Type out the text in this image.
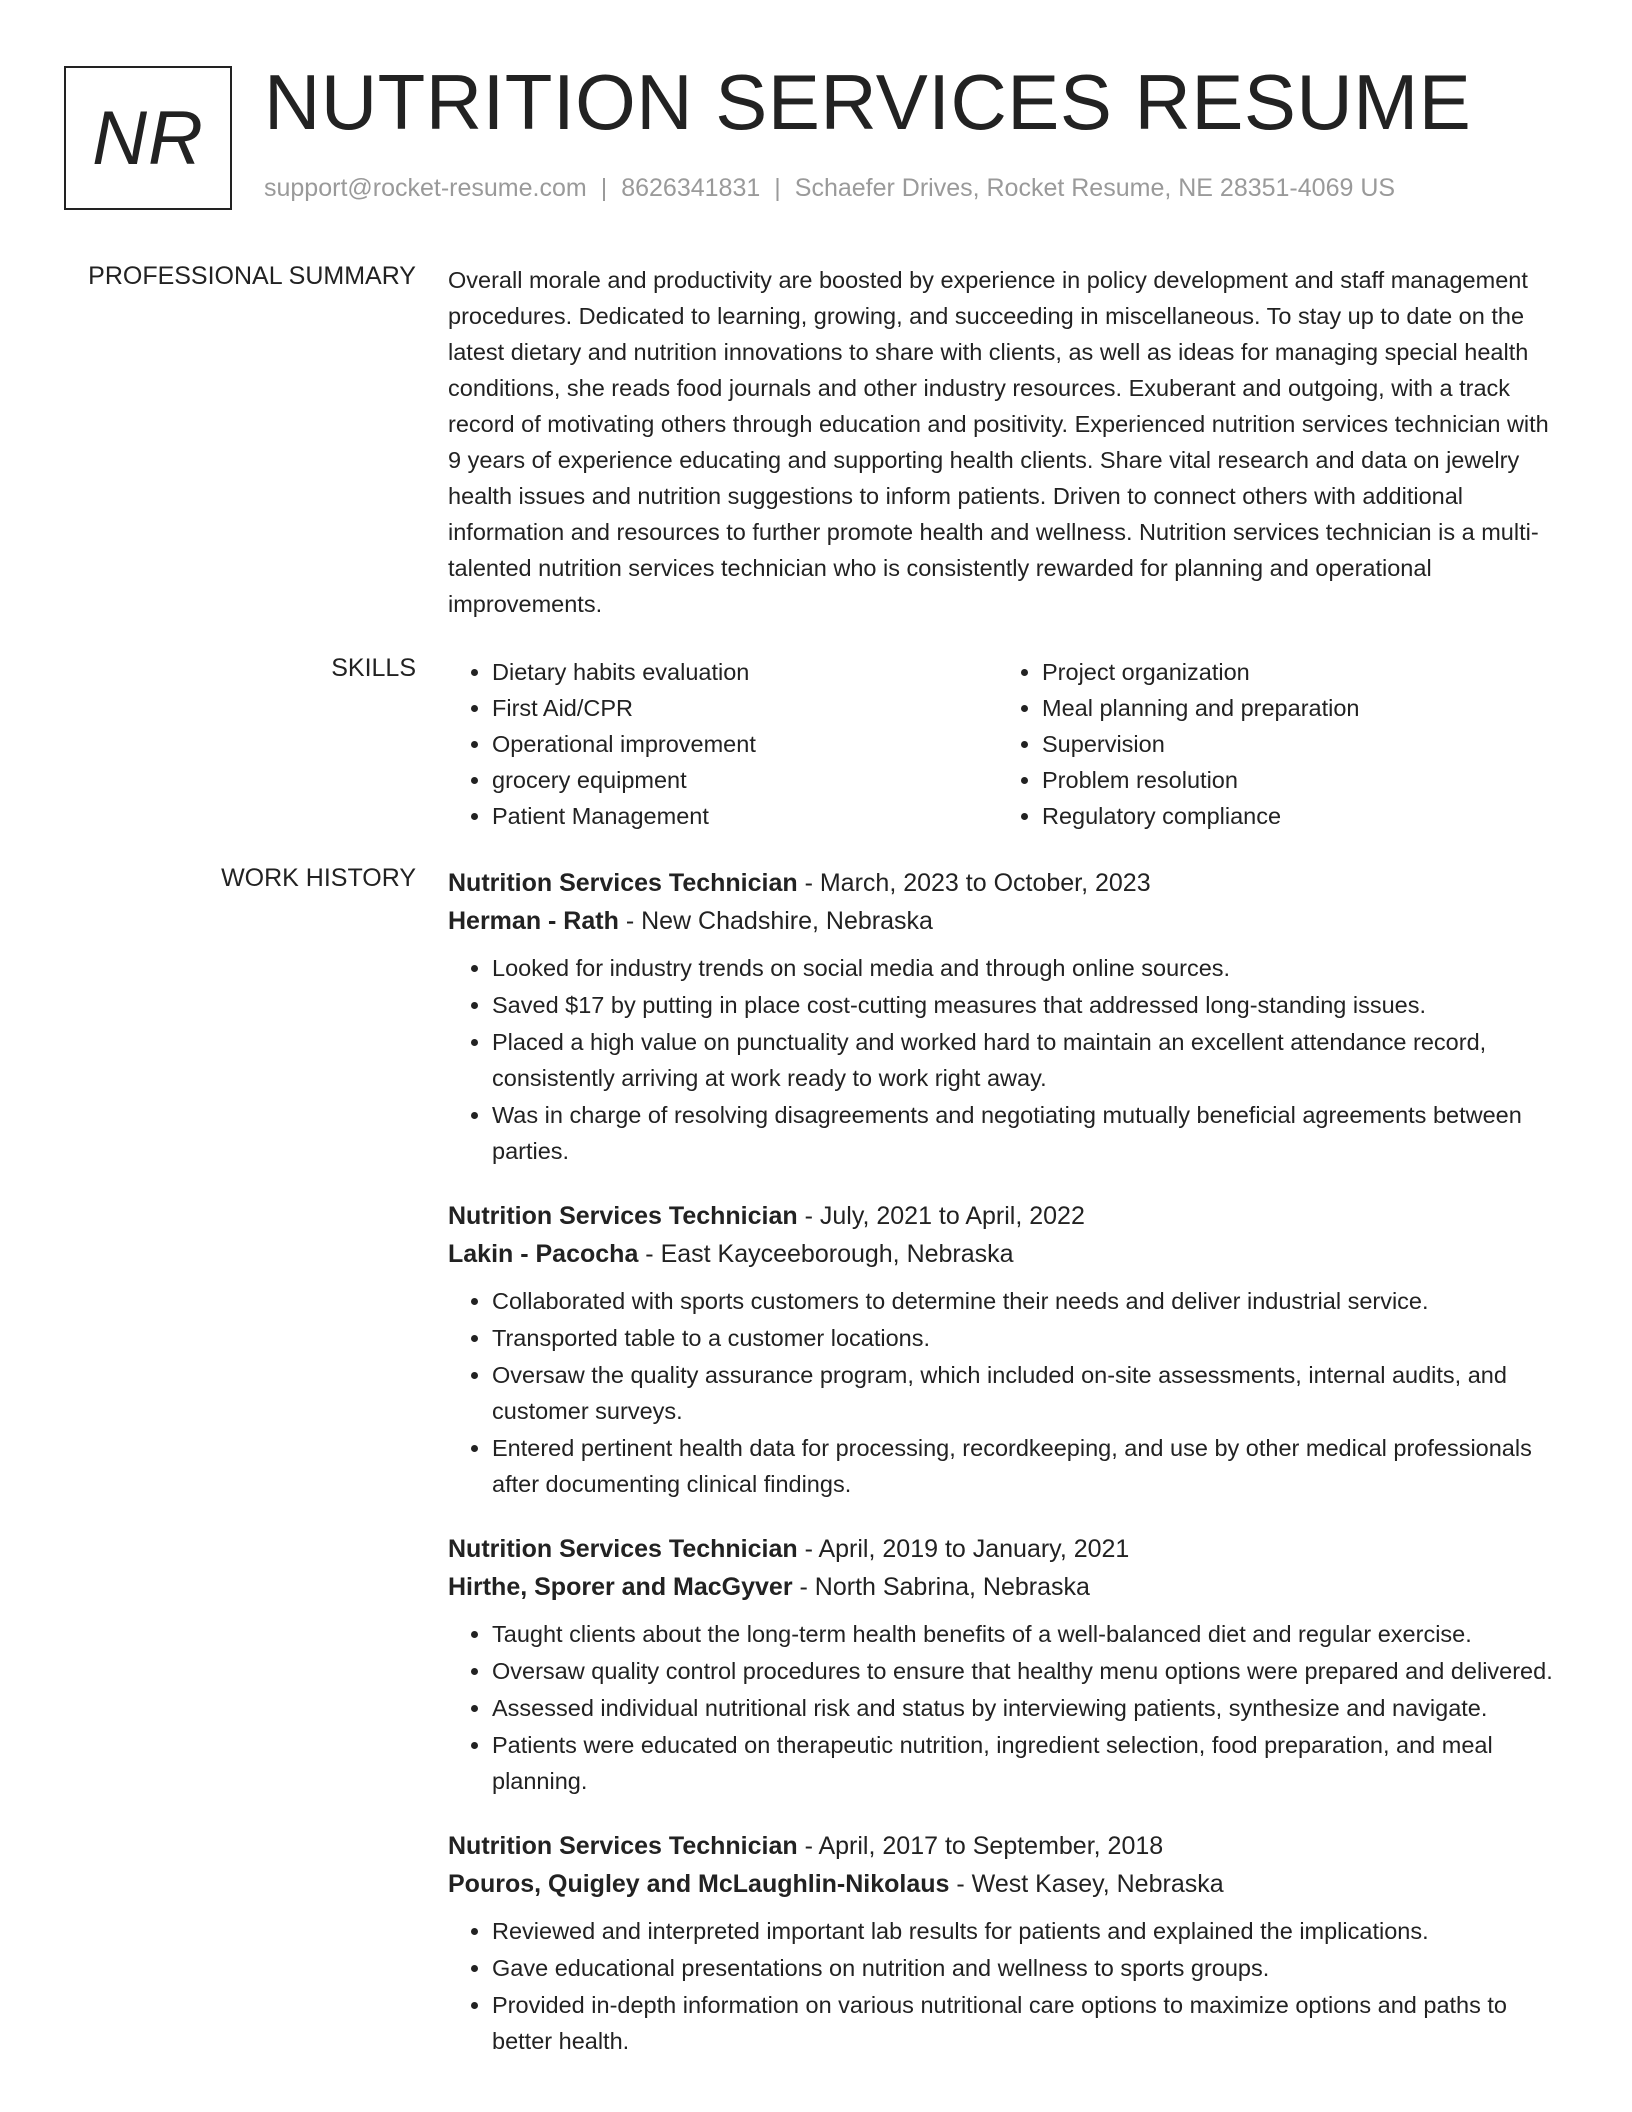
NR NUTRITION SERVICES RESUME
support@rocket-resume.com | 8626341831 | Schaefer Drives, Rocket Resume, NE 28351-4069 US
PROFESSIONAL SUMMARY Overall morale and productivity are boosted by experience in policy development and staff management procedures. Dedicated to learning, growing, and succeeding in miscellaneous. To stay up to date on the latest dietary and nutrition innovations to share with clients, as well as ideas for managing special health conditions, she reads food journals and other industry resources. Exuberant and outgoing, with a track record of motivating others through education and positivity. Experienced nutrition services technician with 9 years of experience educating and supporting health clients. Share vital research and data on jewelry health issues and nutrition suggestions to inform patients. Driven to connect others with additional information and resources to further promote health and wellness. Nutrition services technician is a multi-talented nutrition services technician who is consistently rewarded for planning and operational improvements.

SKILLS
•	Dietary habits evaluation
• First Aid/CPR
• Operational improvement
• grocery equipment
• Patient Management
• Project organization
• Meal planning and preparation
• Supervision
• Problem resolution
• Regulatory compliance
WORK HISTORY Nutrition Services Technician - March, 2023 to October, 2023
Herman - Rath - New Chadshire, Nebraska
• Looked for industry trends on social media and through online sources.
• Saved $17 by putting in place cost-cutting measures that addressed long-standing issues.
• Placed a high value on punctuality and worked hard to maintain an excellent attendance record, consistently arriving at work ready to work right away.
• Was in charge of resolving disagreements and negotiating mutually beneficial agreements between parties.
Nutrition Services Technician - July, 2021 to April, 2022
Lakin - Pacocha - East Kayceeborough, Nebraska
• Collaborated with sports customers to determine their needs and deliver industrial service.
• Transported table to a customer locations.
• Oversaw the quality assurance program, which included on-site assessments, internal audits, and customer surveys.
• Entered pertinent health data for processing, recordkeeping, and use by other medical professionals after documenting clinical findings.
Nutrition Services Technician - April, 2019 to January, 2021
Hirthe, Sporer and MacGyver - North Sabrina, Nebraska
• Taught clients about the long-term health benefits of a well-balanced diet and regular exercise.
• Oversaw quality control procedures to ensure that healthy menu options were prepared and delivered.
• Assessed individual nutritional risk and status by interviewing patients, synthesize and navigate.
• Patients were educated on therapeutic nutrition, ingredient selection, food preparation, and meal planning.
Nutrition Services Technician - April, 2017 to September, 2018
Pouros, Quigley and McLaughlin-Nikolaus - West Kasey, Nebraska
• Reviewed and interpreted important lab results for patients and explained the implications.
• Gave educational presentations on nutrition and wellness to sports groups.
• Provided in-depth information on various nutritional care options to maximize options and paths to better health.
